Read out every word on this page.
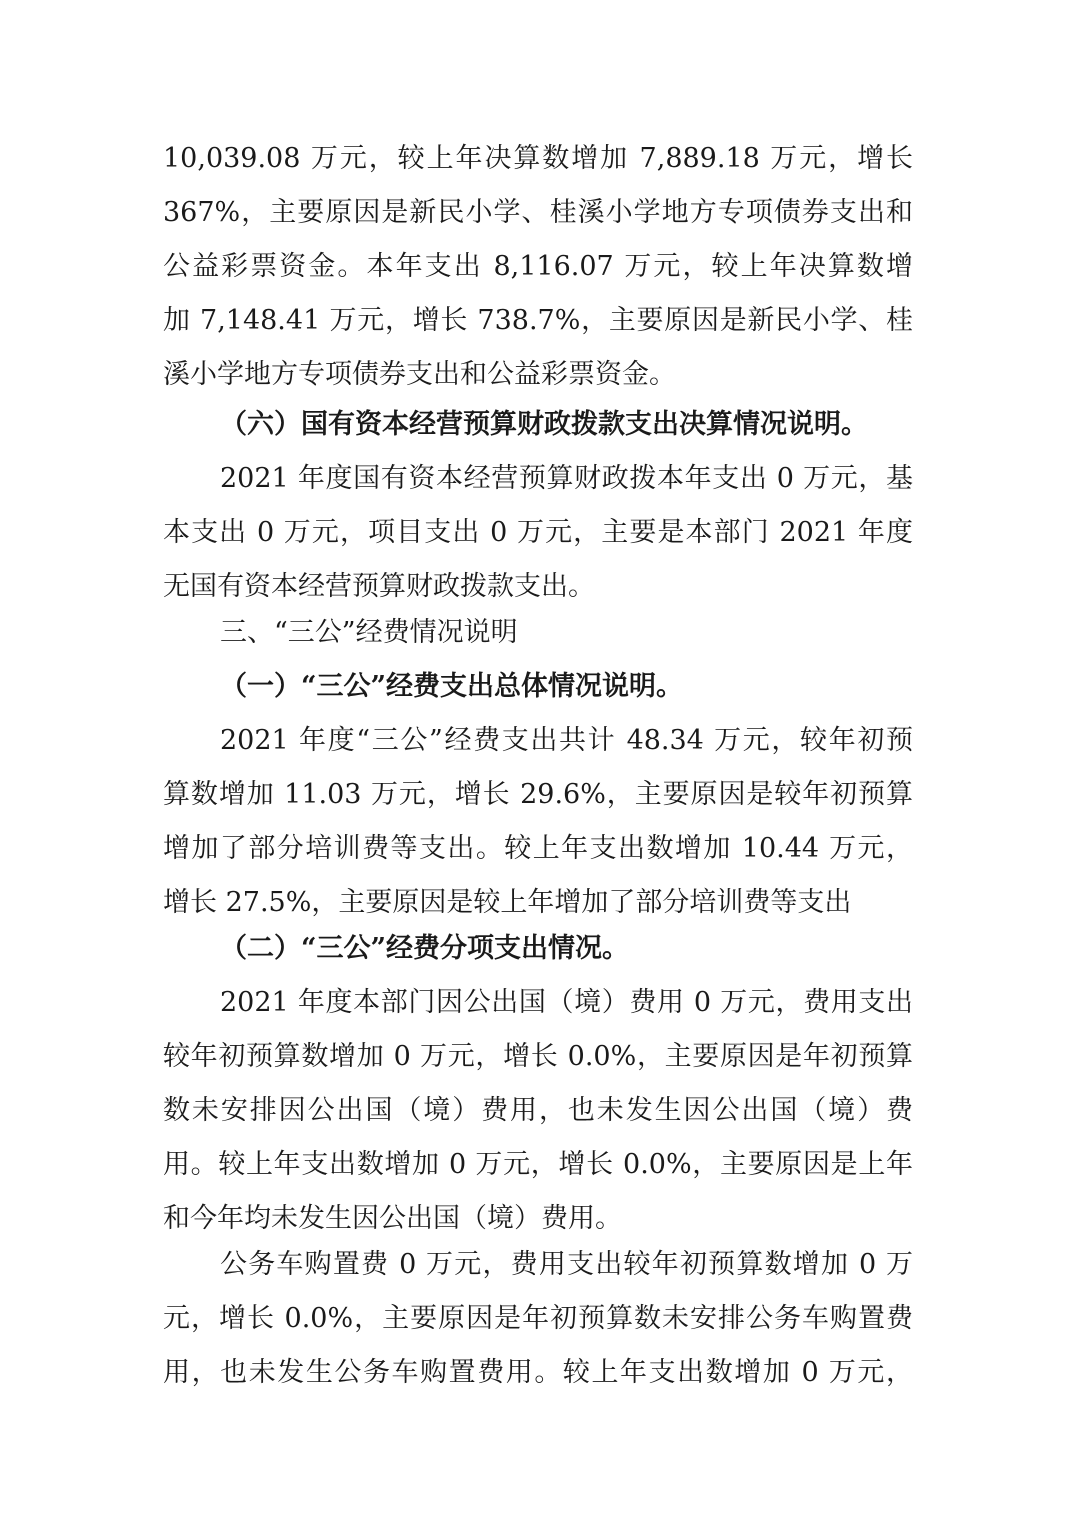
10,039.08 万元，较上年决算数增加 7,889.18 万元，增长
367%，主要原因是新民小学、桂溪小学地方专项债券支出和
公益彩票资金。本年支出 8,116.07 万元，较上年决算数增
加 7,148.41 万元，增长 738.7%，主要原因是新民小学、桂
溪小学地方专项债券支出和公益彩票资金。
（六）国有资本经营预算财政拨款支出决算情况说明。
2021 年度国有资本经营预算财政拨本年支出 0 万元，基
本支出 0 万元，项目支出 0 万元，主要是本部门 2021 年度
无国有资本经营预算财政拨款支出。
三、“三公”经费情况说明
（一）“三公”经费支出总体情况说明。
2021 年度“三公”经费支出共计 48.34 万元，较年初预
算数增加 11.03 万元，增长 29.6%，主要原因是较年初预算
增加了部分培训费等支出。较上年支出数增加 10.44 万元，
增长 27.5%，主要原因是较上年增加了部分培训费等支出
（二）“三公”经费分项支出情况。
2021 年度本部门因公出国（境）费用 0 万元，费用支出
较年初预算数增加 0 万元，增长 0.0%，主要原因是年初预算
数未安排因公出国（境）费用，也未发生因公出国（境）费
用。较上年支出数增加 0 万元，增长 0.0%，主要原因是上年
和今年均未发生因公出国（境）费用。
公务车购置费 0 万元，费用支出较年初预算数增加 0 万
元，增长 0.0%，主要原因是年初预算数未安排公务车购置费
用，也未发生公务车购置费用。较上年支出数增加 0 万元，
